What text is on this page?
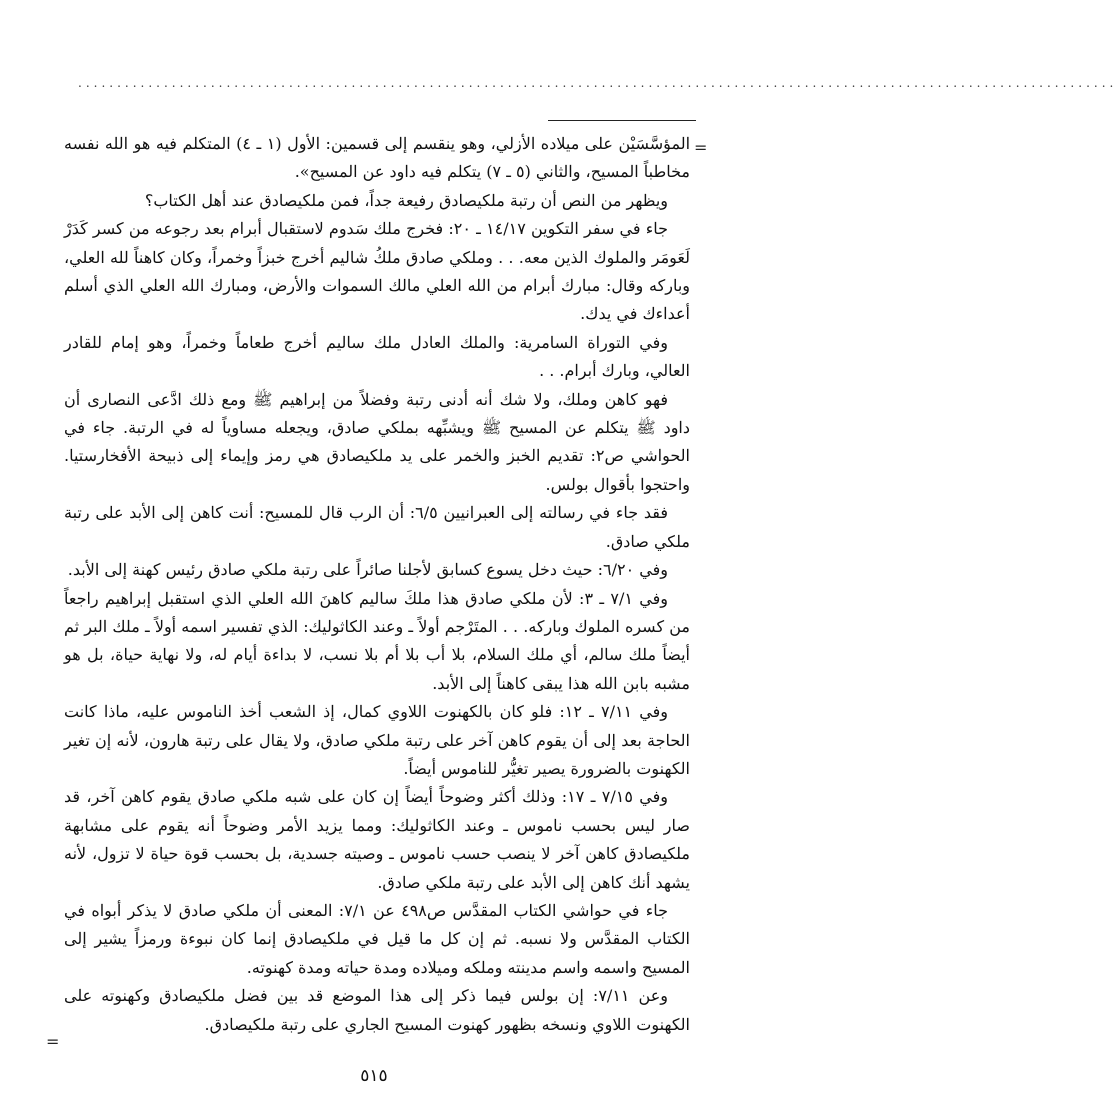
.....................................................................................................................................
=

المؤسَّسَيْن على ميلاده الأزلي، وهو ينقسم إلى قسمين: الأول (١ ـ ٤) المتكلم فيه هو الله نفسه مخاطباً المسيح، والثاني (٥ ـ ٧) يتكلم فيه داود عن المسيح».

ويظهر من النص أن رتبة ملكيصادق رفيعة جداً، فمن ملكيصادق عند أهل الكتاب؟

جاء في سفر التكوين ١٤/١٧ ـ ٢٠: فخرج ملك سَدوم لاستقبال أبرام بعد رجوعه من كسر كَدَرْ لَعَومَر والملوك الذين معه. . . وملكي صادق ملكُ شاليم أخرج خبزاً وخمراً، وكان كاهناً لله العلي، وباركه وقال: مبارك أبرام من الله العلي مالك السموات والأرض، ومبارك الله العلي الذي أسلم أعداءك في يدك.

وفي التوراة السامرية: والملك العادل ملك ساليم أخرج طعاماً وخمراً، وهو إمام للقادر العالي، وبارك أبرام. . .

فهو كاهن وملك، ولا شك أنه أدنى رتبة وفضلاً من إبراهيم ﷺ ومع ذلك ادَّعى النصارى أن داود ﷺ يتكلم عن المسيح ﷺ ويشبِّهه بملكي صادق، ويجعله مساوياً له في الرتبة. جاء في الحواشي ص٢: تقديم الخبز والخمر على يد ملكيصادق هي رمز وإيماء إلى ذبيحة الأفخارستيا. واحتجوا بأقوال بولس.

فقد جاء في رسالته إلى العبرانيين ٦/٥: أن الرب قال للمسيح: أنت كاهن إلى الأبد على رتبة ملكي صادق.

وفي ٦/٢٠: حيث دخل يسوع كسابق لأجلنا صائراً على رتبة ملكي صادق رئيس كهنة إلى الأبد.

وفي ٧/١ ـ ٣: لأن ملكي صادق هذا ملكَ ساليم كاهنَ الله العلي الذي استقبل إبراهيم راجعاً من كسره الملوك وباركه. . . المتَرْجم أولاً ـ وعند الكاثوليك: الذي تفسير اسمه أولاً ـ ملك البر ثم أيضاً ملك سالم، أي ملك السلام، بلا أب بلا أم بلا نسب، لا بداءة أيام له، ولا نهاية حياة، بل هو مشبه بابن الله هذا يبقى كاهناً إلى الأبد.

وفي ٧/١١ ـ ١٢: فلو كان بالكهنوت اللاوي كمال، إذ الشعب أخذ الناموس عليه، ماذا كانت الحاجة بعد إلى أن يقوم كاهن آخر على رتبة ملكي صادق، ولا يقال على رتبة هارون، لأنه إن تغير الكهنوت بالضرورة يصير تغيُّر للناموس أيضاً.

وفي ٧/١٥ ـ ١٧: وذلك أكثر وضوحاً أيضاً إن كان على شبه ملكي صادق يقوم كاهن آخر، قد صار ليس بحسب ناموس ـ وعند الكاثوليك: ومما يزيد الأمر وضوحاً أنه يقوم على مشابهة ملكيصادق كاهن آخر لا ينصب حسب ناموس ـ وصيته جسدية، بل بحسب قوة حياة لا تزول، لأنه يشهد أنك كاهن إلى الأبد على رتبة ملكي صادق.

جاء في حواشي الكتاب المقدَّس ص٤٩٨ عن ٧/١: المعنى أن ملكي صادق لا يذكر أبواه في الكتاب المقدَّس ولا نسبه. ثم إن كل ما قيل في ملكيصادق إنما كان نبوءة ورمزاً يشير إلى المسيح واسمه واسم مدينته وملكه وميلاده ومدة حياته ومدة كهنوته.

وعن ٧/١١: إن بولس فيما ذكر إلى هذا الموضع قد بين فضل ملكيصادق وكهنوته على الكهنوت اللاوي ونسخه بظهور كهنوت المسيح الجاري على رتبة ملكيصادق.

=
٥١٥
